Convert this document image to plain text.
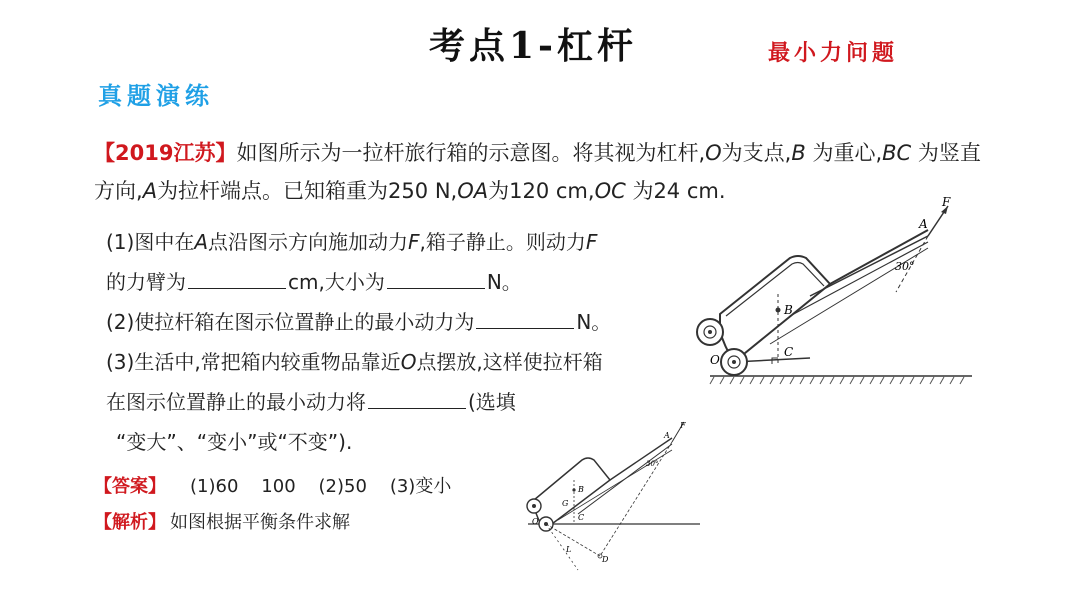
考点1-杠杆	最小力问题
真题演练
【2019江苏】如图所示为一拉杆旅行箱的示意图。将其视为杠杆,O为支点,B 为重心,BC 为竖直
方向,A为拉杆端点。已知箱重为250 N,OA为120 cm,OC 为24 cm.
(1)图中在A点沿图示方向施加动力F,箱子静止。则动力F
的力臂为	cm,大小为	N。
(2)使拉杆箱在图示位置静止的最小动力为	N。
(3)生活中,常把箱内较重物品靠近O点摆放,这样使拉杆箱
在图示位置静止的最小动力将	(选填
“变大”、“变小”或“不变”).
【答案】 (1)60    100    (2)50    (3)变小
【解析】 如图根据平衡条件求解
A
F
30°
B
C
O
A
F
30°
B
G
C
O
D
L
